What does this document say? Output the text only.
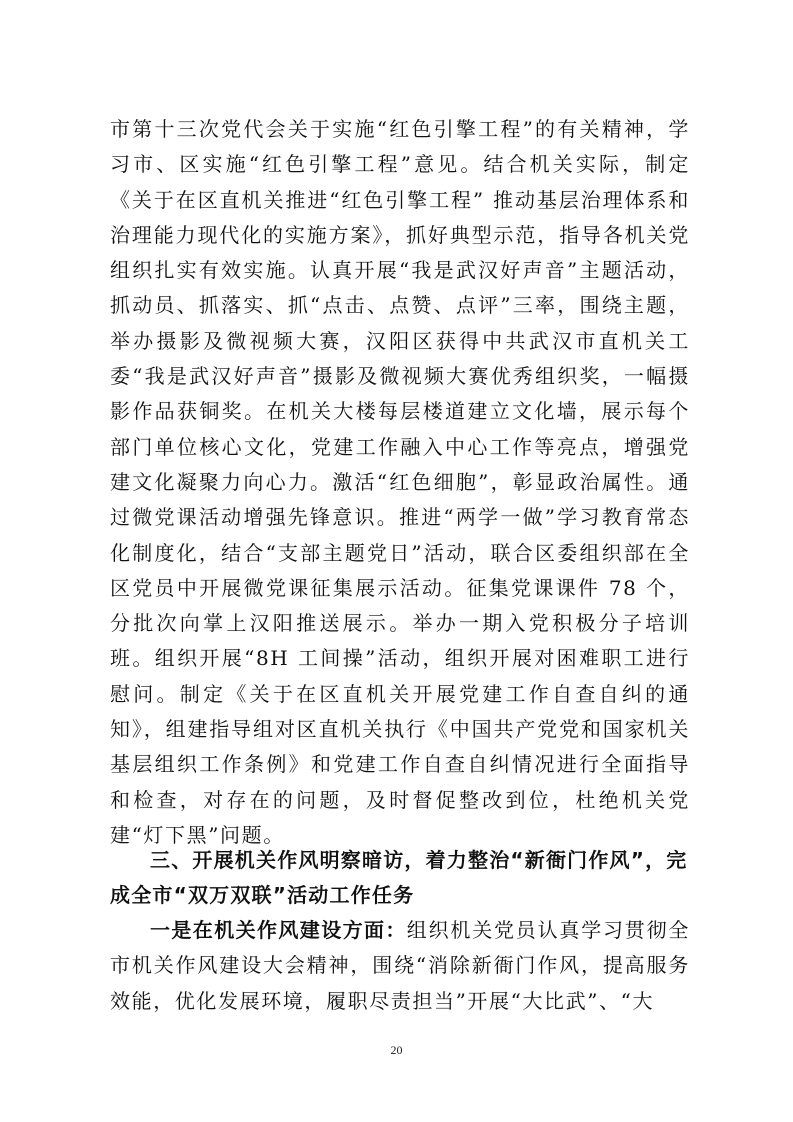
市第十三次党代会关于实施“红色引擎工程”的有关精神，学习市、区实施“红色引擎工程”意见。结合机关实际，制定《关于在区直机关推进“红色引擎工程” 推动基层治理体系和治理能力现代化的实施方案》，抓好典型示范，指导各机关党组织扎实有效实施。认真开展“我是武汉好声音”主题活动，抓动员、抓落实、抓“点击、点赞、点评”三率，围绕主题，举办摄影及微视频大赛，汉阳区获得中共武汉市直机关工委“我是武汉好声音”摄影及微视频大赛优秀组织奖，一幅摄影作品获铜奖。在机关大楼每层楼道建立文化墙，展示每个部门单位核心文化，党建工作融入中心工作等亮点，增强党建文化凝聚力向心力。激活“红色细胞”，彰显政治属性。通过微党课活动增强先锋意识。推进“两学一做”学习教育常态化制度化，结合“支部主题党日”活动，联合区委组织部在全区党员中开展微党课征集展示活动。征集党课课件 78 个，分批次向掌上汉阳推送展示。举办一期入党积极分子培训班。组织开展“8H 工间操”活动，组织开展对困难职工进行慰问。制定《关于在区直机关开展党建工作自查自纠的通知》，组建指导组对区直机关执行《中国共产党党和国家机关基层组织工作条例》和党建工作自查自纠情况进行全面指导和检查，对存在的问题，及时督促整改到位，杜绝机关党建“灯下黑”问题。

三、开展机关作风明察暗访，着力整治“新衙门作风”，完成全市“双万双联”活动工作任务

一是在机关作风建设方面：组织机关党员认真学习贯彻全市机关作风建设大会精神，围绕“消除新衙门作风，提高服务效能，优化发展环境，履职尽责担当”开展“大比武”、“大

20
